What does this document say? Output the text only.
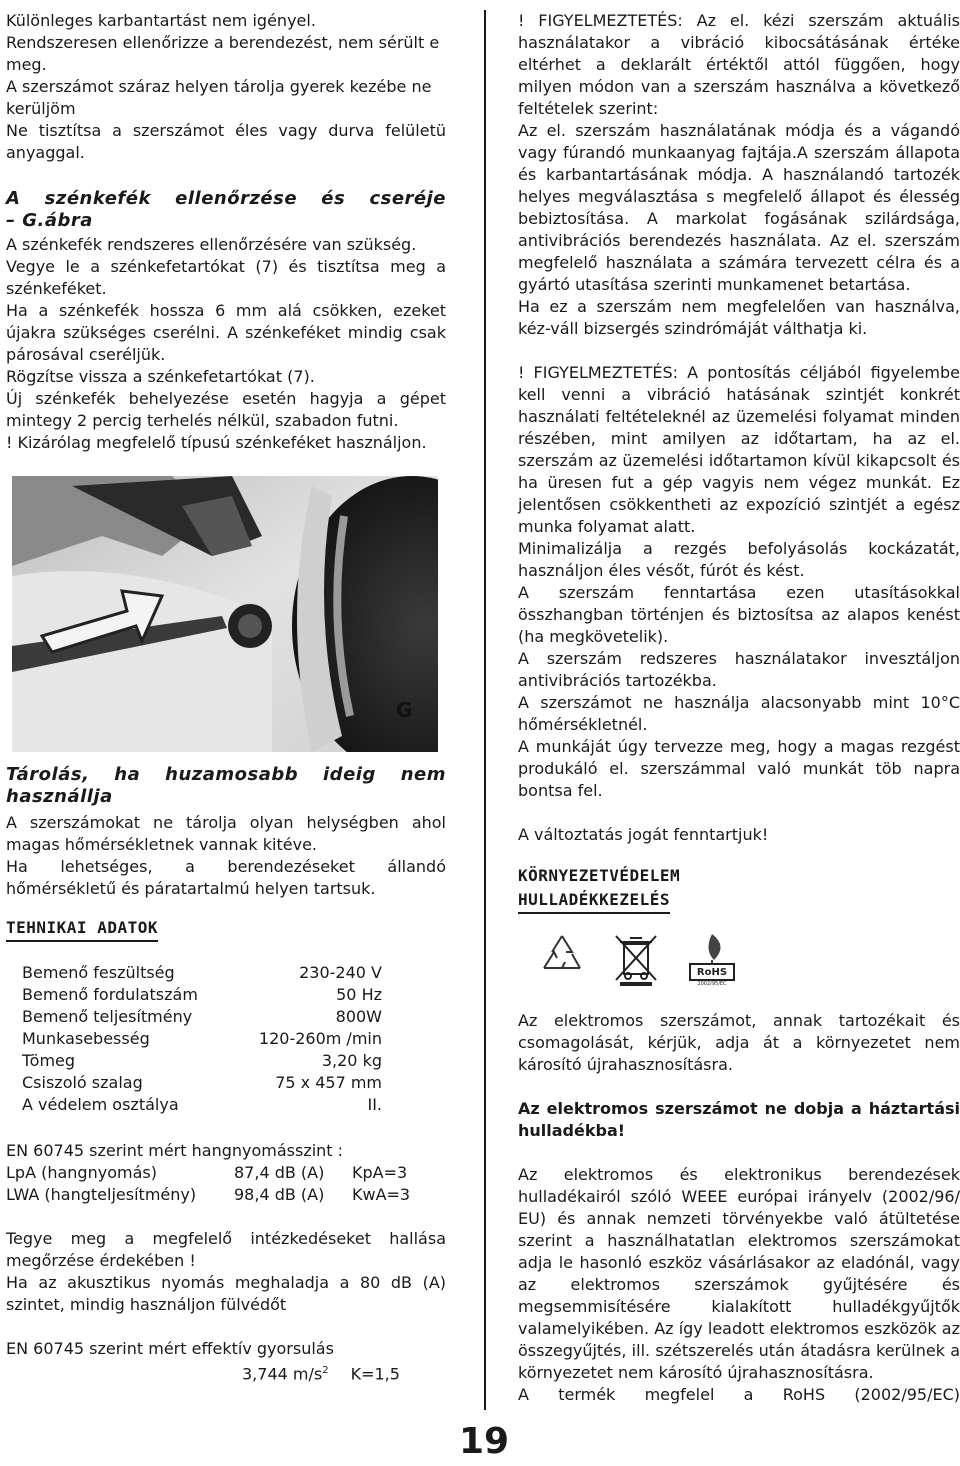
Különleges karbantartást nem igényel.

Rendszeresen ellenőrizze a berendezést, nem sérült e meg.

A szerszámot száraz helyen tárolja gyerek kezébe ne kerüljöm

Ne tisztítsa a szerszámot éles vagy durva felületü anyaggal.

A szénkefék ellenőrzése és cseréje

– G.ábra

A szénkefék rendszeres ellenőrzésére van szükség.

Vegye le a szénkefetartókat (7) és tisztítsa meg a szénkeféket.

Ha a szénkefék hossza 6 mm alá csökken, ezeket újakra szükséges cserélni. A szénkeféket mindig csak párosával cseréljük.

Rögzítse vissza a szénkefetartókat (7).

Új szénkefék behelyezése esetén hagyja a gépet mintegy 2 percig terhelés nélkül, szabadon futni.

! Kizárólag megfelelő típusú szénkeféket használjon.

Tárolás, ha huzamosabb ideig nem

használlja

A szerszámokat ne tárolja olyan helységben ahol magas hőmérsékletnek vannak kitéve.

Ha lehetséges, a berendezéseket állandó hőmérsékletű és páratartalmú helyen tartsuk.

TEHNIKAI ADATOK
G
Bemenő feszültség	230-240 V
Bemenő fordulatszám	50 Hz
Bemenő teljesítmény	800W
Munkasebesség	120-260m /min
Tömeg	3,20 kg
Csiszoló szalag	75 x 457 mm
A védelem osztálya	II.

EN 60745 szerint mért hangnyomásszint :

LpA (hangnyomás)	87,4 dB (A)	KpA=3
LWA (hangteljesítmény)	98,4 dB (A)	KwA=3

Tegye meg a megfelelő intézkedéseket hallása megőrzése érdekében !

Ha az akusztikus nyomás meghaladja a 80 dB (A) szintet, mindig használjon fülvédőt

EN 60745 szerint mért effektív gyorsulás

3,744 $m/s^2$ K=1,5

19

! FIGYELMEZTETÉS: Az el. kézi szerszám aktuális használatakor a vibráció kibocsátásának értéke eltérhet a deklarált értéktől attól függően, hogy milyen módon van a szerszám használva a következő feltételek szerint:

Az el. szerszám használatának módja és a vágandó vagy fúrandó munkaanyag fajtája.A szerszám állapota és karbantartásának módja. A használandó tartozék helyes megválasztása s megfelelő állapot és élesség bebiztosítása. A markolat fogásának szilárdsága, antivibrációs berendezés használata. Az el. szerszám megfelelő használata a számára tervezett célra és a gyártó utasítása szerinti munkamenet betartása.

Ha ez a szerszám nem megfelelően van használva, kéz-váll bizsergés szindrómáját válthatja ki.

! FIGYELMEZTETÉS: A pontosítás céljából figyelembe kell venni a vibráció hatásának szintjét konkrét használati feltételeknél az üzemelési folyamat minden részében, mint amilyen az időtartam, ha az el. szerszám az üzemelési időtartamon kívül kikapcsolt és ha üresen fut a gép vagyis nem végez munkát. Ez jelentősen csökkentheti az expozíció szintjét a egész munka folyamat alatt.

Minimalizálja a rezgés befolyásolás kockázatát, használjon éles vésőt, fúrót és kést.

A szerszám fenntartása ezen utasításokkal összhangban történjen és biztosítsa az alapos kenést (ha megkövetelik).

A szerszám redszeres használatakor invesztáljon antivibrációs tartozékba.

A szerszámot ne használja alacsonyabb mint 10°C hőmérsékletnél.

A munkáját úgy tervezze meg, hogy a magas rezgést produkáló el. szerszámmal való munkát töb napra bontsa fel.

A változtatás jogát fenntartjuk!

KÖRNYEZETVÉDELEM
HULLADÉKKEZELÉS

Az elektromos szerszámot, annak tartozékait és csomagolását, kérjük, adja át a környezetet nem károsító újrahasznosításra.

Az elektromos szerszámot ne dobja a háztartási hulladékba!

Az elektromos és elektronikus berendezések hulladékairól szóló WEEE európai irányelv (2002/96/ EU) és annak nemzeti törvényekbe való átültetése szerint a használhatatlan elektromos szerszámokat adja le hasonló eszköz vásárlásakor az eladónál, vagy az elektromos szerszámok gyűjtésére és megsemmisítésére kialakított hulladékgyűjtők valamelyikében. Az így leadott elektromos eszközök az összegyűjtés, ill. szétszerelés után átadásra kerülnek a környezetet nem károsító újrahasznosításra.

A termék megfelel a RoHS (2002/95/EC)

RoHS
2002/95/EC
